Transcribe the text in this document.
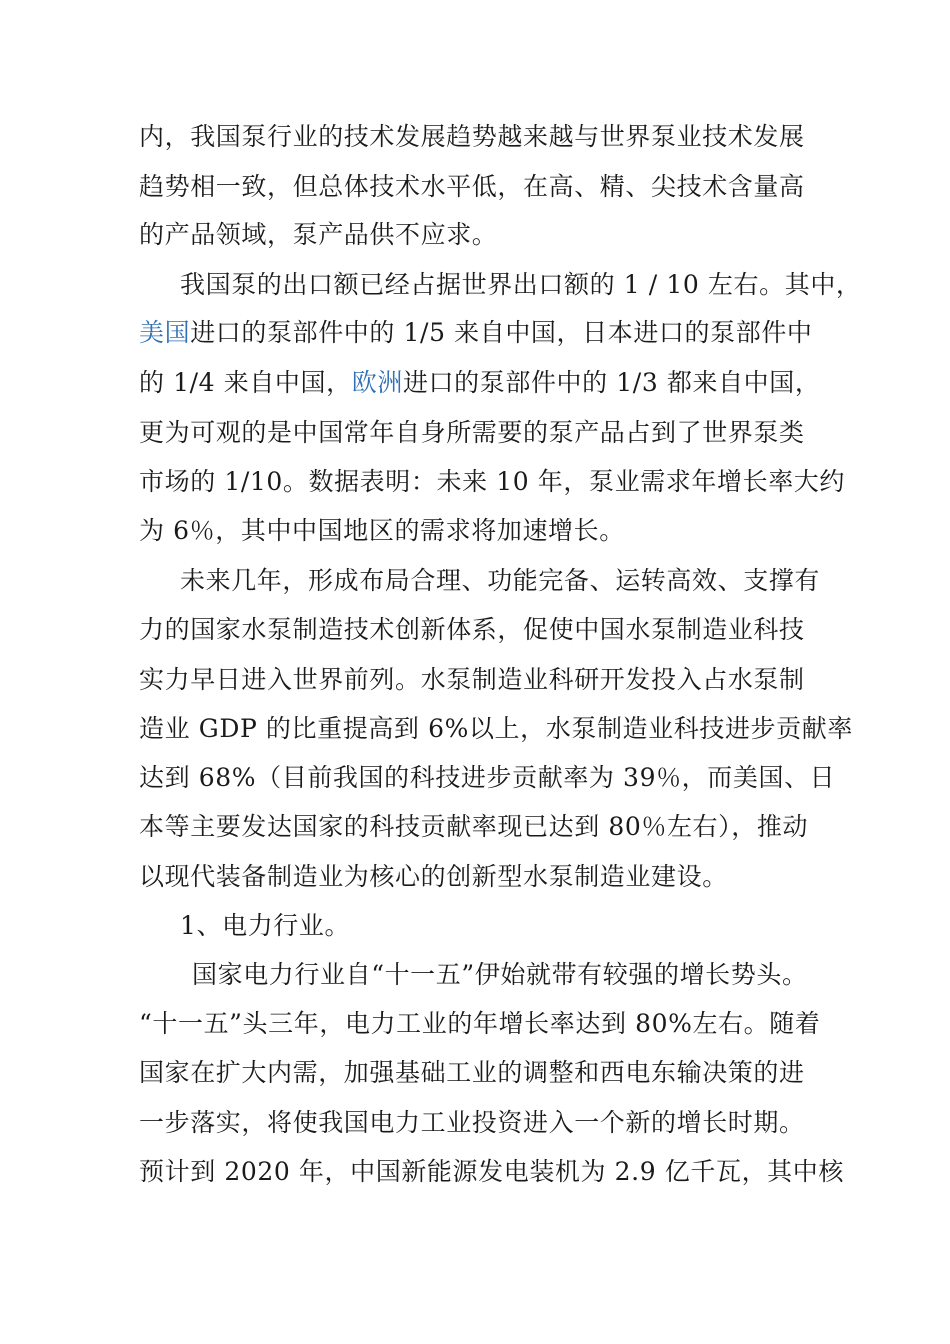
内，我国泵行业的技术发展趋势越来越与世界泵业技术发展
趋势相一致，但总体技术水平低，在高、精、尖技术含量高
的产品领域，泵产品供不应求。
我国泵的出口额已经占据世界出口额的 1 / 10 左右。其中，
美国进口的泵部件中的 1/5 来自中国，日本进口的泵部件中
的 1/4 来自中国，欧洲进口的泵部件中的 1/3 都来自中国，
更为可观的是中国常年自身所需要的泵产品占到了世界泵类
市场的 1/10。数据表明：未来 10 年，泵业需求年增长率大约
为 6％，其中中国地区的需求将加速增长。
未来几年，形成布局合理、功能完备、运转高效、支撑有
力的国家水泵制造技术创新体系，促使中国水泵制造业科技
实力早日进入世界前列。水泵制造业科研开发投入占水泵制
造业 GDP 的比重提高到 6%以上，水泵制造业科技进步贡献率
达到 68%（目前我国的科技进步贡献率为 39％，而美国、日
本等主要发达国家的科技贡献率现已达到 80％左右），推动
以现代装备制造业为核心的创新型水泵制造业建设。
1、电力行业。
国家电力行业自“十一五”伊始就带有较强的增长势头。
“十一五”头三年，电力工业的年增长率达到 80%左右。随着
国家在扩大内需，加强基础工业的调整和西电东输决策的进
一步落实，将使我国电力工业投资进入一个新的增长时期。
预计到 2020 年，中国新能源发电装机为 2.9 亿千瓦，其中核
